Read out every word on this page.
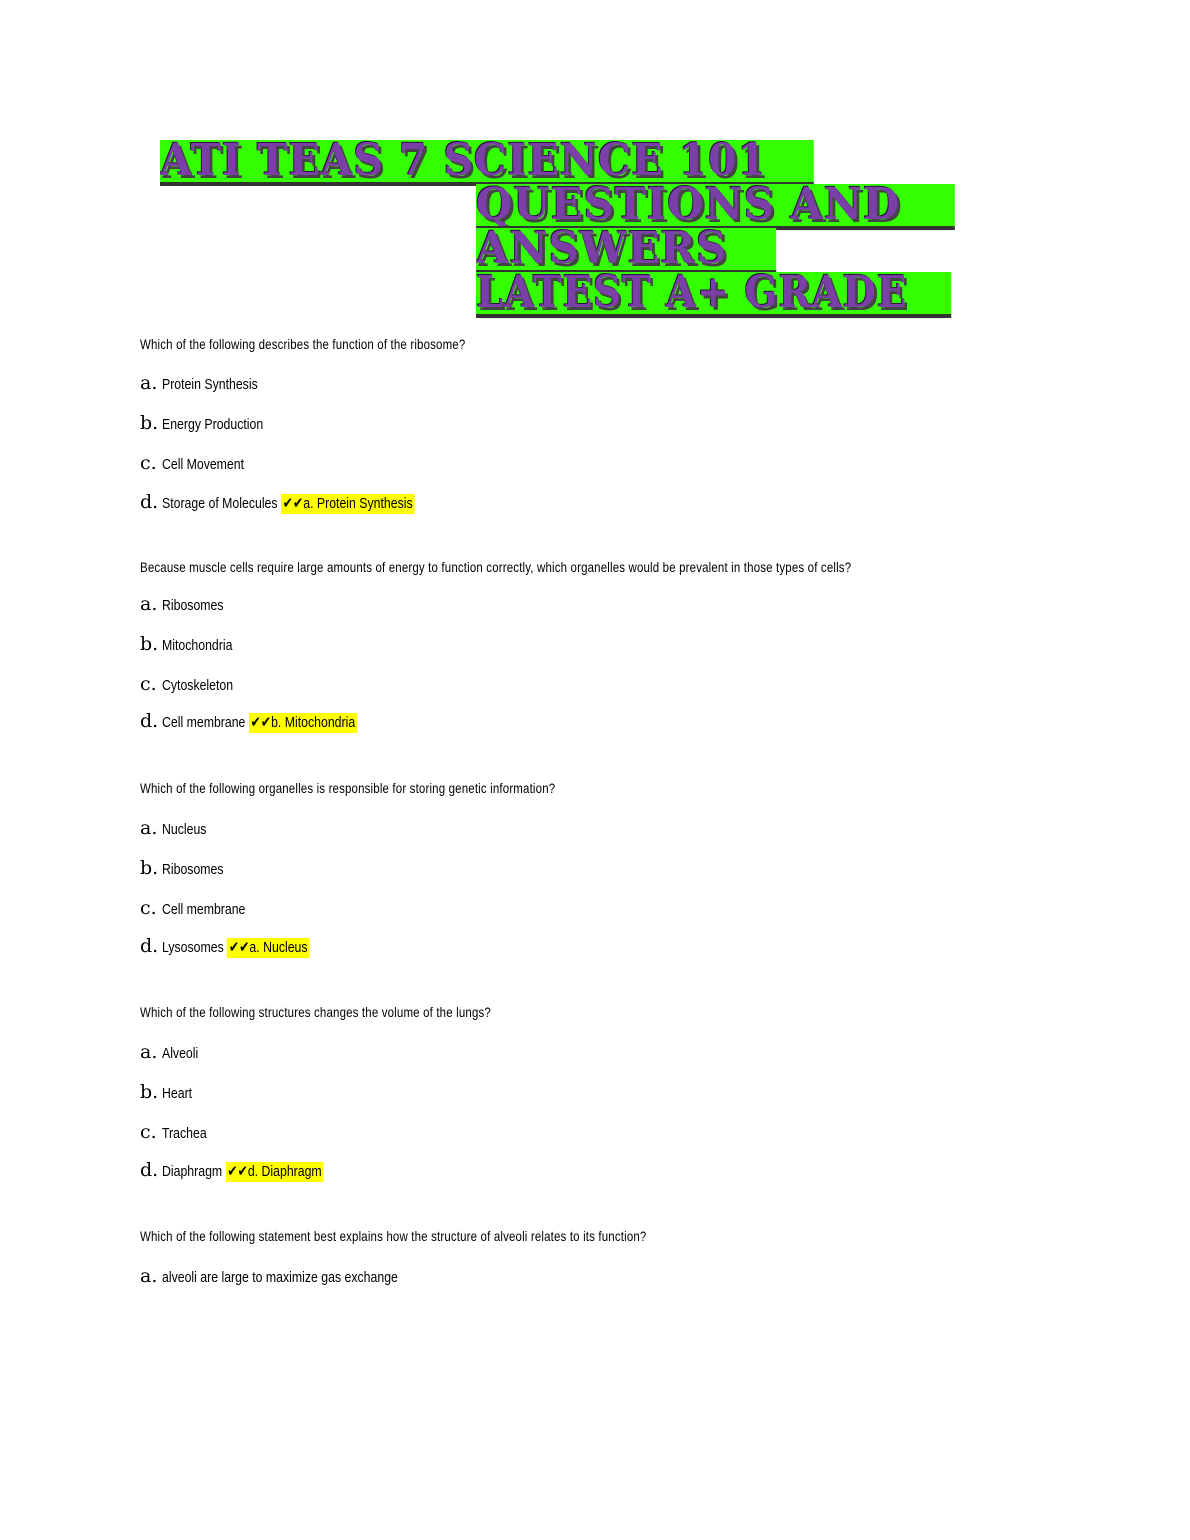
ATI TEAS 7 SCIENCE 101
QUESTIONS AND
ANSWERS
LATEST A+ GRADE
Which of the following describes the function of the ribosome?
a. Protein Synthesis
b. Energy Production
c. Cell Movement
d. Storage of Molecules ✔✔a. Protein Synthesis
Because muscle cells require large amounts of energy to function correctly, which organelles would be prevalent in those types of cells?
a. Ribosomes
b. Mitochondria
c. Cytoskeleton
d. Cell membrane ✔✔b. Mitochondria
Which of the following organelles is responsible for storing genetic information?
a. Nucleus
b. Ribosomes
c. Cell membrane
d. Lysosomes ✔✔a. Nucleus
Which of the following structures changes the volume of the lungs?
a. Alveoli
b. Heart
c. Trachea
d. Diaphragm ✔✔d. Diaphragm
Which of the following statement best explains how the structure of alveoli relates to its function?
a. alveoli are large to maximize gas exchange
